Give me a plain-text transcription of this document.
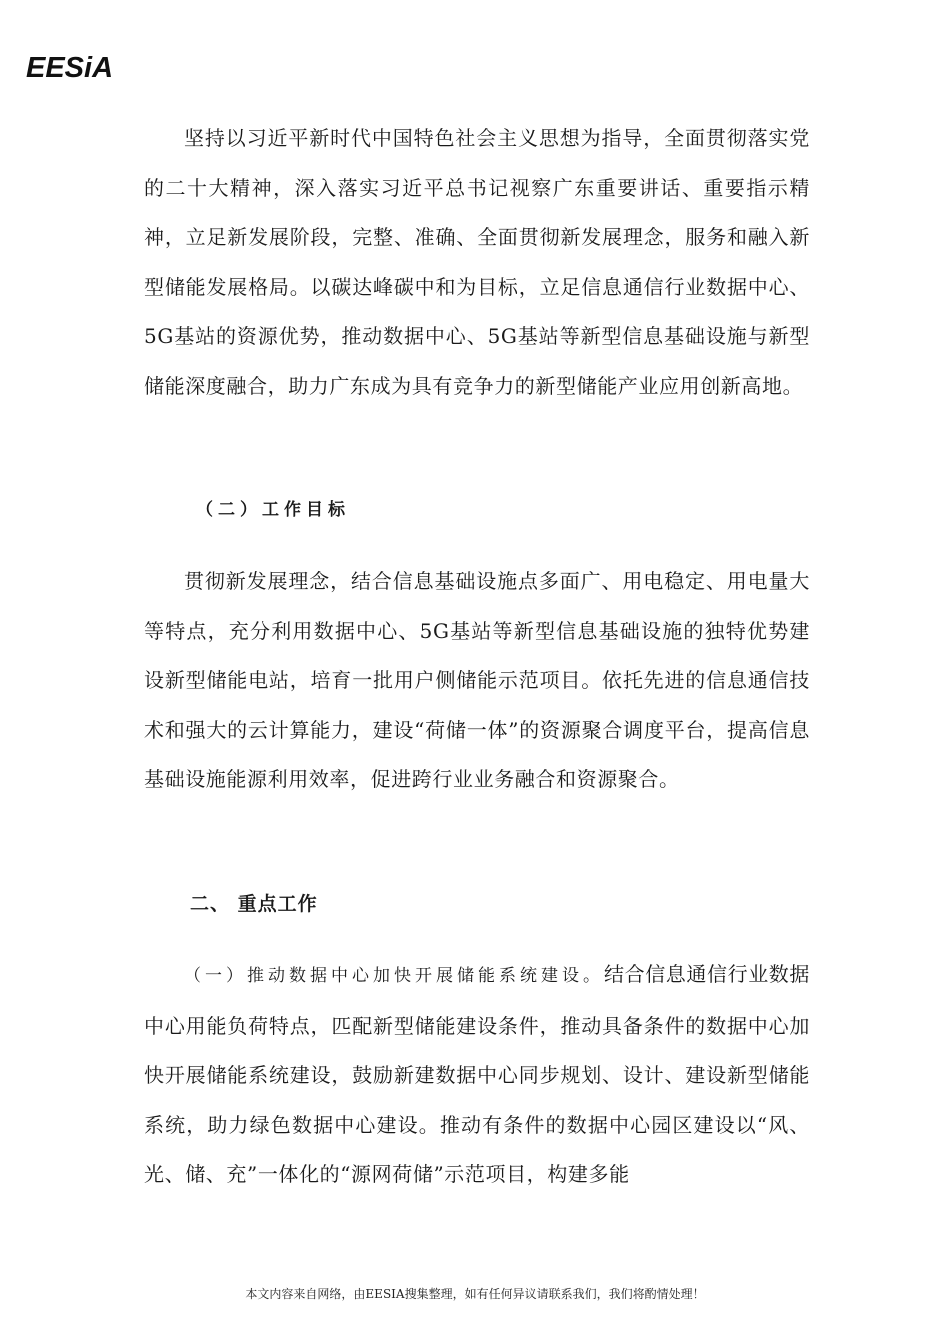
EESiA

坚持以习近平新时代中国特色社会主义思想为指导，全面贯彻落实党的二十大精神，深入落实习近平总书记视察广东重要讲话、重要指示精神，立足新发展阶段，完整、准确、全面贯彻新发展理念，服务和融入新型储能发展格局。以碳达峰碳中和为目标，立足信息通信行业数据中心、5G基站的资源优势，推动数据中心、5G基站等新型信息基础设施与新型储能深度融合，助力广东成为具有竞争力的新型储能产业应用创新高地。

（二）工作目标

贯彻新发展理念，结合信息基础设施点多面广、用电稳定、用电量大等特点，充分利用数据中心、5G基站等新型信息基础设施的独特优势建设新型储能电站，培育一批用户侧储能示范项目。依托先进的信息通信技术和强大的云计算能力，建设“荷储一体”的资源聚合调度平台，提高信息基础设施能源利用效率，促进跨行业业务融合和资源聚合。

二、 重点工作

（一）推动数据中心加快开展储能系统建设。结合信息通信行业数据中心用能负荷特点，匹配新型储能建设条件，推动具备条件的数据中心加快开展储能系统建设，鼓励新建数据中心同步规划、设计、建设新型储能系统，助力绿色数据中心建设。推动有条件的数据中心园区建设以“风、光、储、充”一体化的“源网荷储”示范项目，构建多能

本文内容来自网络，由EESIA搜集整理，如有任何异议请联系我们，我们将酌情处理！
